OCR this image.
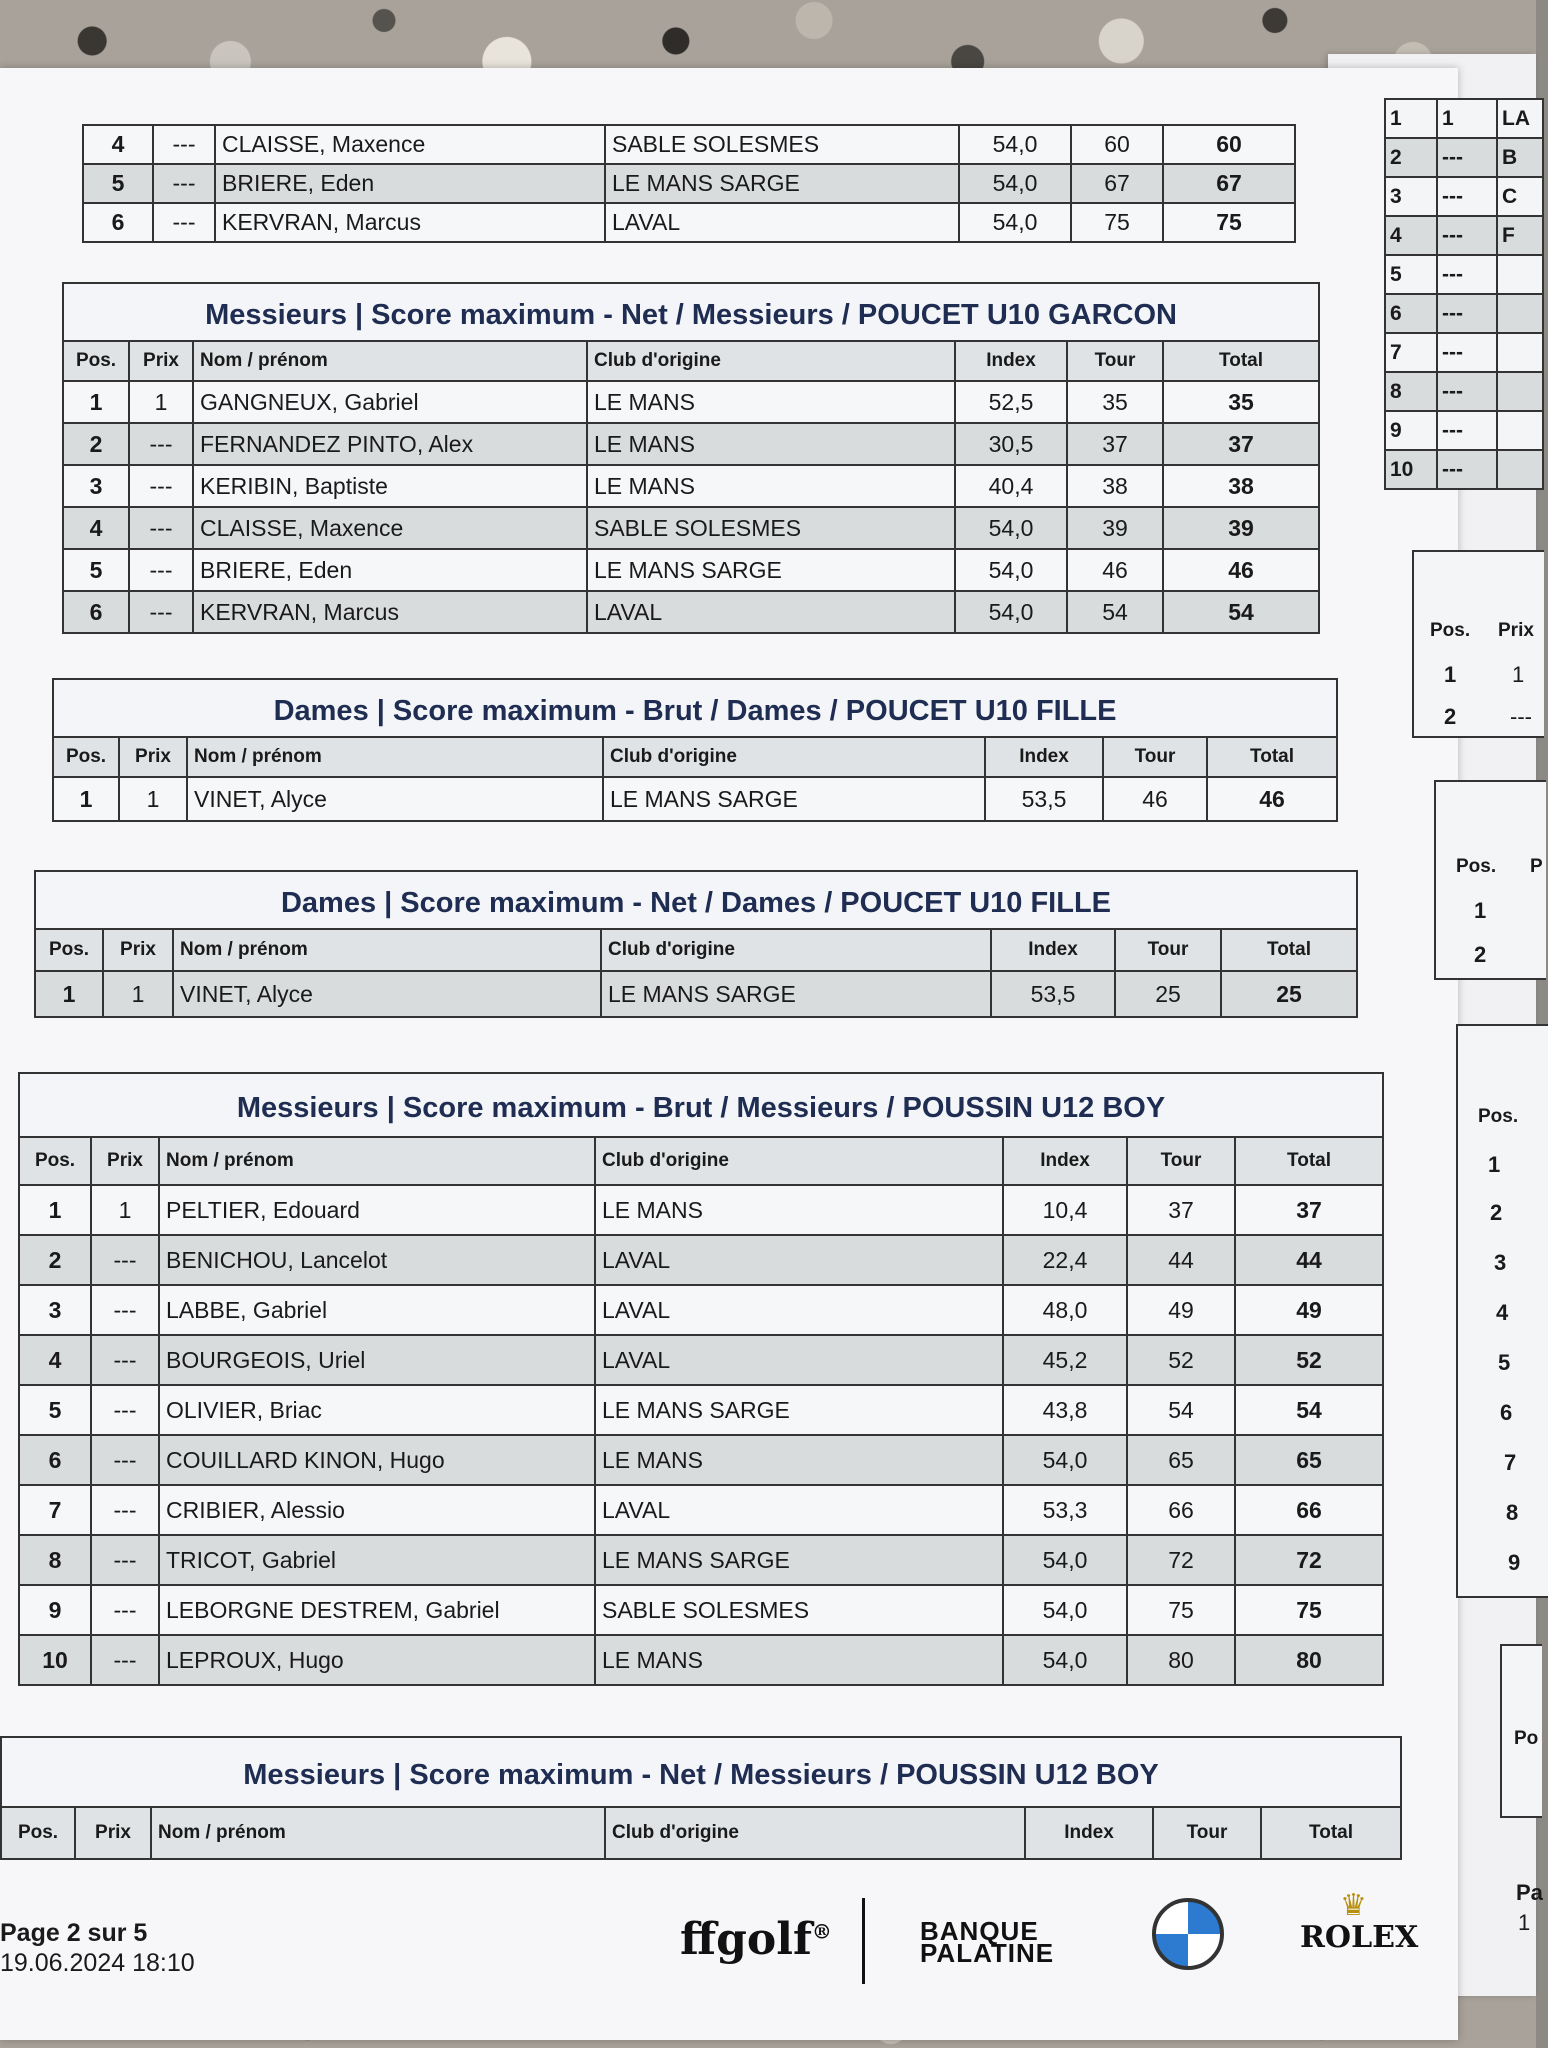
4	---	CLAISSE, Maxence	SABLE SOLESMES	54,0	60	60
5	---	BRIERE, Eden	LE MANS SARGE	54,0	67	67
6	---	KERVRAN, Marcus	LAVAL	54,0	75	75
Messieurs | Score maximum - Net / Messieurs / POUCET U10 GARCON						
Pos.	Prix	Nom / prénom	Club d'origine	Index	Tour	Total
1	1	GANGNEUX, Gabriel	LE MANS	52,5	35	35
2	---	FERNANDEZ PINTO, Alex	LE MANS	30,5	37	37
3	---	KERIBIN, Baptiste	LE MANS	40,4	38	38
4	---	CLAISSE, Maxence	SABLE SOLESMES	54,0	39	39
5	---	BRIERE, Eden	LE MANS SARGE	54,0	46	46
6	---	KERVRAN, Marcus	LAVAL	54,0	54	54
Dames | Score maximum - Brut / Dames / POUCET U10 FILLE						
Pos.	Prix	Nom / prénom	Club d'origine	Index	Tour	Total
1	1	VINET, Alyce	LE MANS SARGE	53,5	46	46
Dames | Score maximum - Net / Dames / POUCET U10 FILLE						
Pos.	Prix	Nom / prénom	Club d'origine	Index	Tour	Total
1	1	VINET, Alyce	LE MANS SARGE	53,5	25	25
Messieurs | Score maximum - Brut / Messieurs / POUSSIN U12 BOY						
Pos.	Prix	Nom / prénom	Club d'origine	Index	Tour	Total
1	1	PELTIER, Edouard	LE MANS	10,4	37	37
2	---	BENICHOU, Lancelot	LAVAL	22,4	44	44
3	---	LABBE, Gabriel	LAVAL	48,0	49	49
4	---	BOURGEOIS, Uriel	LAVAL	45,2	52	52
5	---	OLIVIER, Briac	LE MANS SARGE	43,8	54	54
6	---	COUILLARD KINON, Hugo	LE MANS	54,0	65	65
7	---	CRIBIER, Alessio	LAVAL	53,3	66	66
8	---	TRICOT, Gabriel	LE MANS SARGE	54,0	72	72
9	---	LEBORGNE DESTREM, Gabriel	SABLE SOLESMES	54,0	75	75
10	---	LEPROUX, Hugo	LE MANS	54,0	80	80
Messieurs | Score maximum - Net / Messieurs / POUSSIN U12 BOY
Pos.	Prix	Nom / prénom	Club d'origine	Index	Tour	Total
Page 2 sur 5
19.06.2024 18:10	ffgolf®	BANQUE
PALATINE
♛
ROLEX
1	1	LA
2	---	B
3	---	C
4	---	F
5	---	
6	---	
7	---	
8	---	
9	---	
10	---	
Pos. Prix
1	1
2 ---
Pos. P
1
2
Pos.
1
2
3
4
5
6
7
8
9
Po
Pa
1
